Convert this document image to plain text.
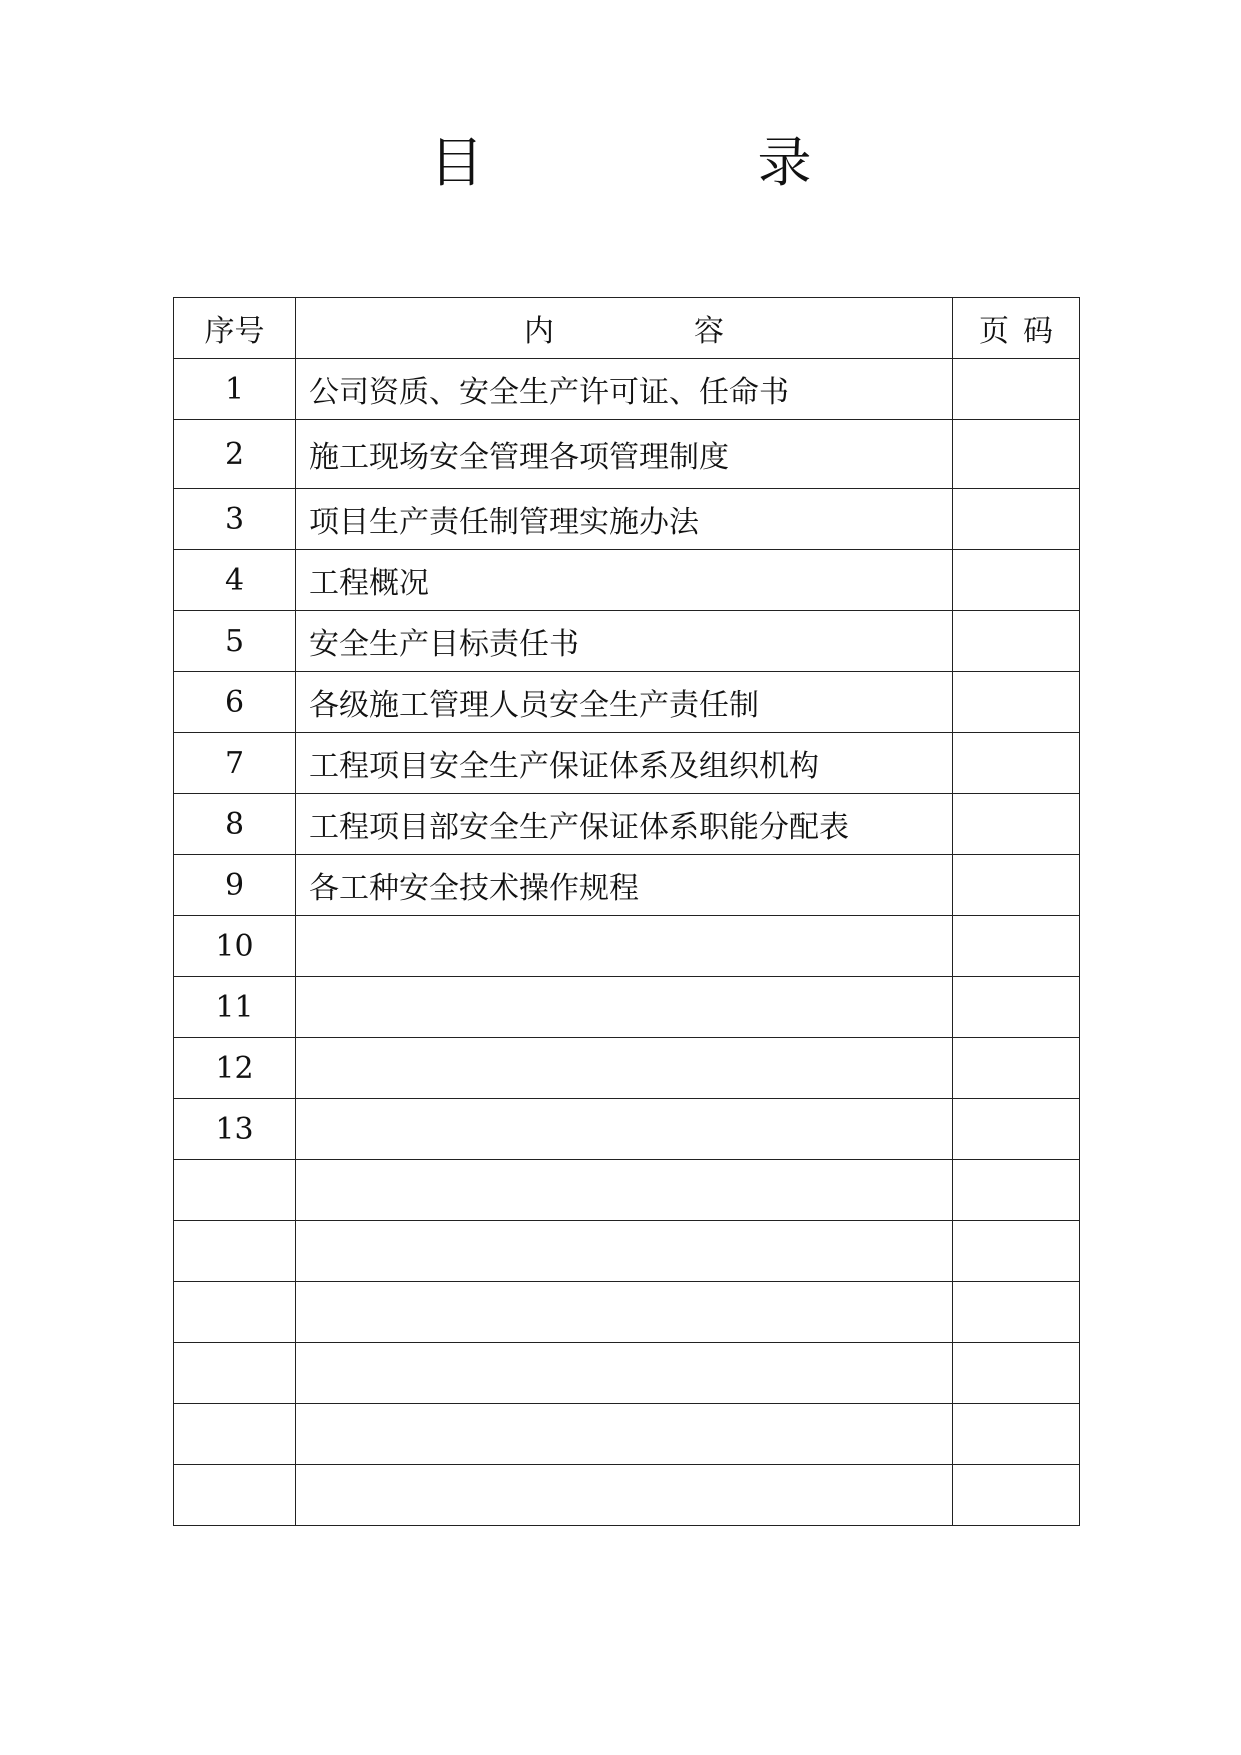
目　录
序号	内容	页码
1	公司资质、安全生产许可证、任命书	
2	施工现场安全管理各项管理制度	
3	项目生产责任制管理实施办法	
4	工程概况	
5	安全生产目标责任书	
6	各级施工管理人员安全生产责任制	
7	工程项目安全生产保证体系及组织机构	
8	工程项目部安全生产保证体系职能分配表	
9	各工种安全技术操作规程	
10		
11		
12		
13		
